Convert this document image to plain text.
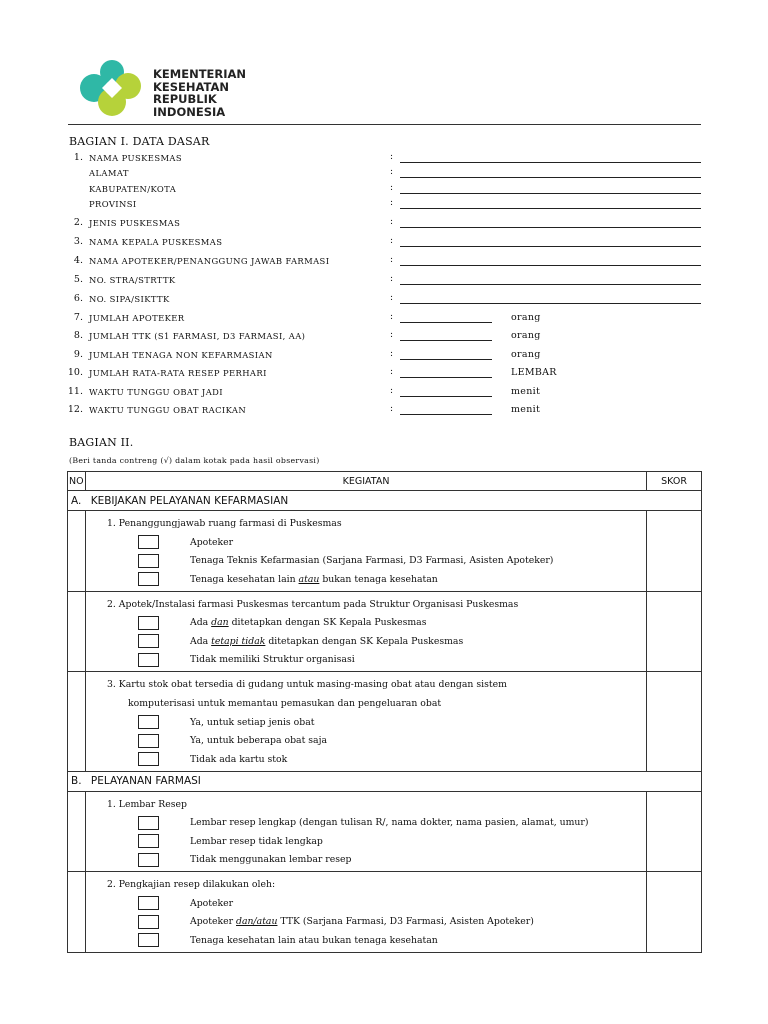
KEMENTERIAN
KESEHATAN
REPUBLIK
INDONESIA
BAGIAN I. DATA DASAR
1. NAMA PUSKESMAS	:
ALAMAT	:
KABUPATEN/KOTA	:
PROVINSI	:
2. JENIS PUSKESMAS	:
3. NAMA KEPALA PUSKESMAS	:
4. NAMA APOTEKER/PENANGGUNG JAWAB FARMASI	:
5. NO. STRA/STRTTK	:
6. NO. SIPA/SIKTTK	:
7. JUMLAH APOTEKER	:	orang
8. JUMLAH TTK (S1 FARMASI, D3 FARMASI, AA)	:	orang
9. JUMLAH TENAGA NON KEFARMASIAN	:	orang
10. JUMLAH RATA-RATA RESEP PERHARI	:	LEMBAR
11. WAKTU TUNGGU OBAT JADI	:	menit
12. WAKTU TUNGGU OBAT RACIKAN	:	menit
BAGIAN II.
(Beri tanda contreng (√) dalam kotak pada hasil observasi)
NO	KEGIATAN	SKOR
A. KEBIJAKAN PELAYANAN KEFARMASIAN		

	1. Penanggungjawab ruang farmasi di Puskesmas
Apoteker
Tenaga Teknis Kefarmasian (Sarjana Farmasi, D3 Farmasi, Asisten Apoteker)
Tenaga kesehatan lain atau bukan tenaga kesehatan	

	2. Apotek/Instalasi farmasi Puskesmas tercantum pada Struktur Organisasi Puskesmas
Ada dan ditetapkan dengan SK Kepala Puskesmas
Ada tetapi tidak ditetapkan dengan SK Kepala Puskesmas
Tidak memiliki Struktur organisasi	

	3. Kartu stok obat tersedia di gudang untuk masing-masing obat atau dengan sistem
komputerisasi untuk memantau pemasukan dan pengeluaran obat
Ya, untuk setiap jenis obat
Ya, untuk beberapa obat saja
Tidak ada kartu stok	

B. PELAYANAN FARMASI		

	1. Lembar Resep
Lembar resep lengkap (dengan tulisan R/, nama dokter, nama pasien, alamat, umur)
Lembar resep tidak lengkap
Tidak menggunakan lembar resep	

	2. Pengkajian resep dilakukan oleh:
Apoteker
Apoteker dan/atau TTK (Sarjana Farmasi, D3 Farmasi, Asisten Apoteker)
Tenaga kesehatan lain atau bukan tenaga kesehatan	
